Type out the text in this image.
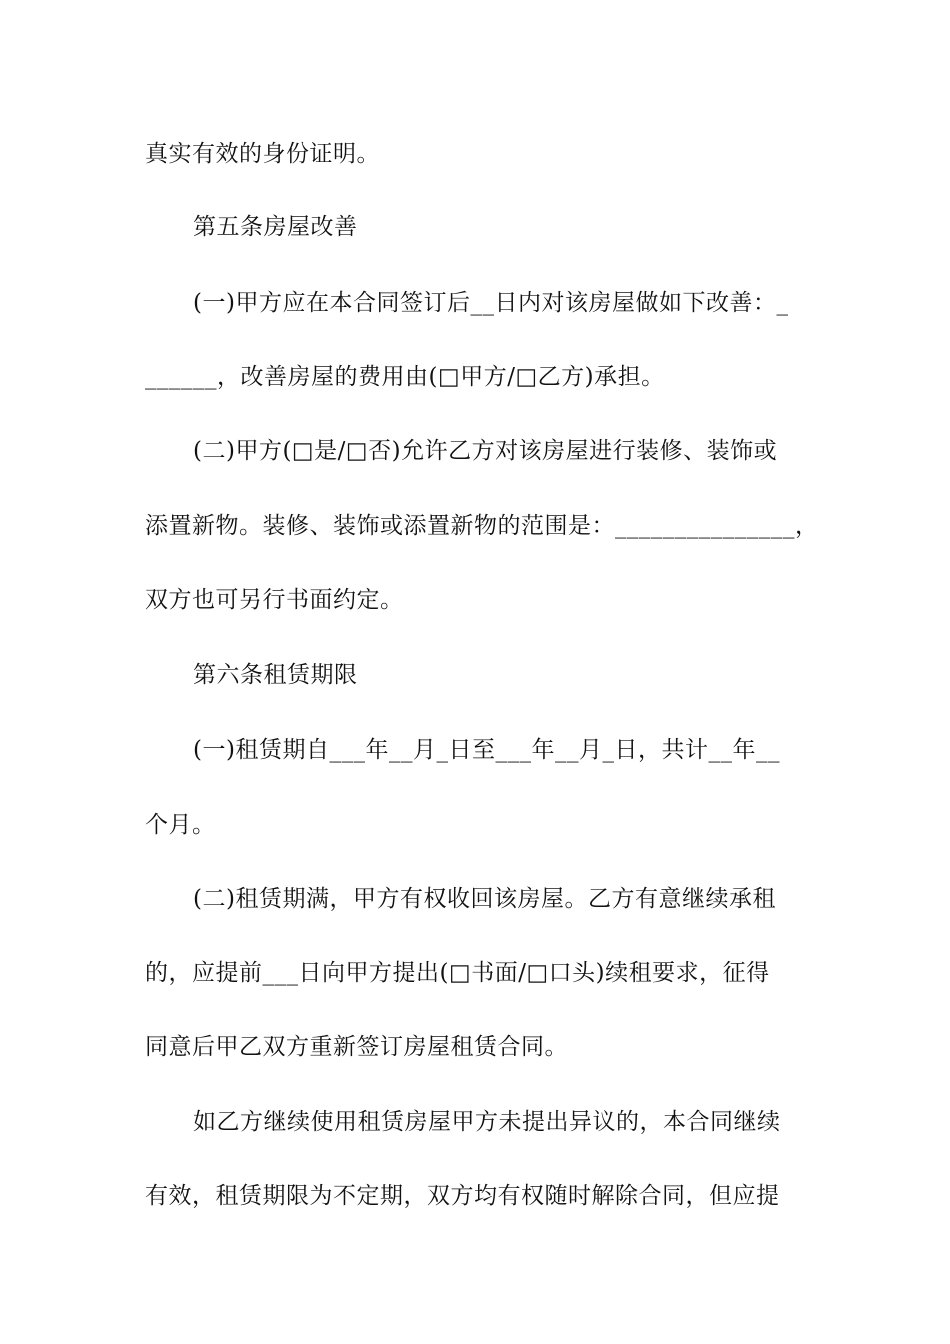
真实有效的身份证明。
第五条房屋改善
(一)甲方应在本合同签订后__日内对该房屋做如下改善：_
______，改善房屋的费用由(□甲方/□乙方)承担。
(二)甲方(□是/□否)允许乙方对该房屋进行装修、装饰或
添置新物。装修、装饰或添置新物的范围是：_______________，
双方也可另行书面约定。
第六条租赁期限
(一)租赁期自___年__月_日至___年__月_日，共计__年__
个月。
(二)租赁期满，甲方有权收回该房屋。乙方有意继续承租
的，应提前___日向甲方提出(□书面/□口头)续租要求，征得
同意后甲乙双方重新签订房屋租赁合同。
如乙方继续使用租赁房屋甲方未提出异议的，本合同继续
有效，租赁期限为不定期，双方均有权随时解除合同，但应提
